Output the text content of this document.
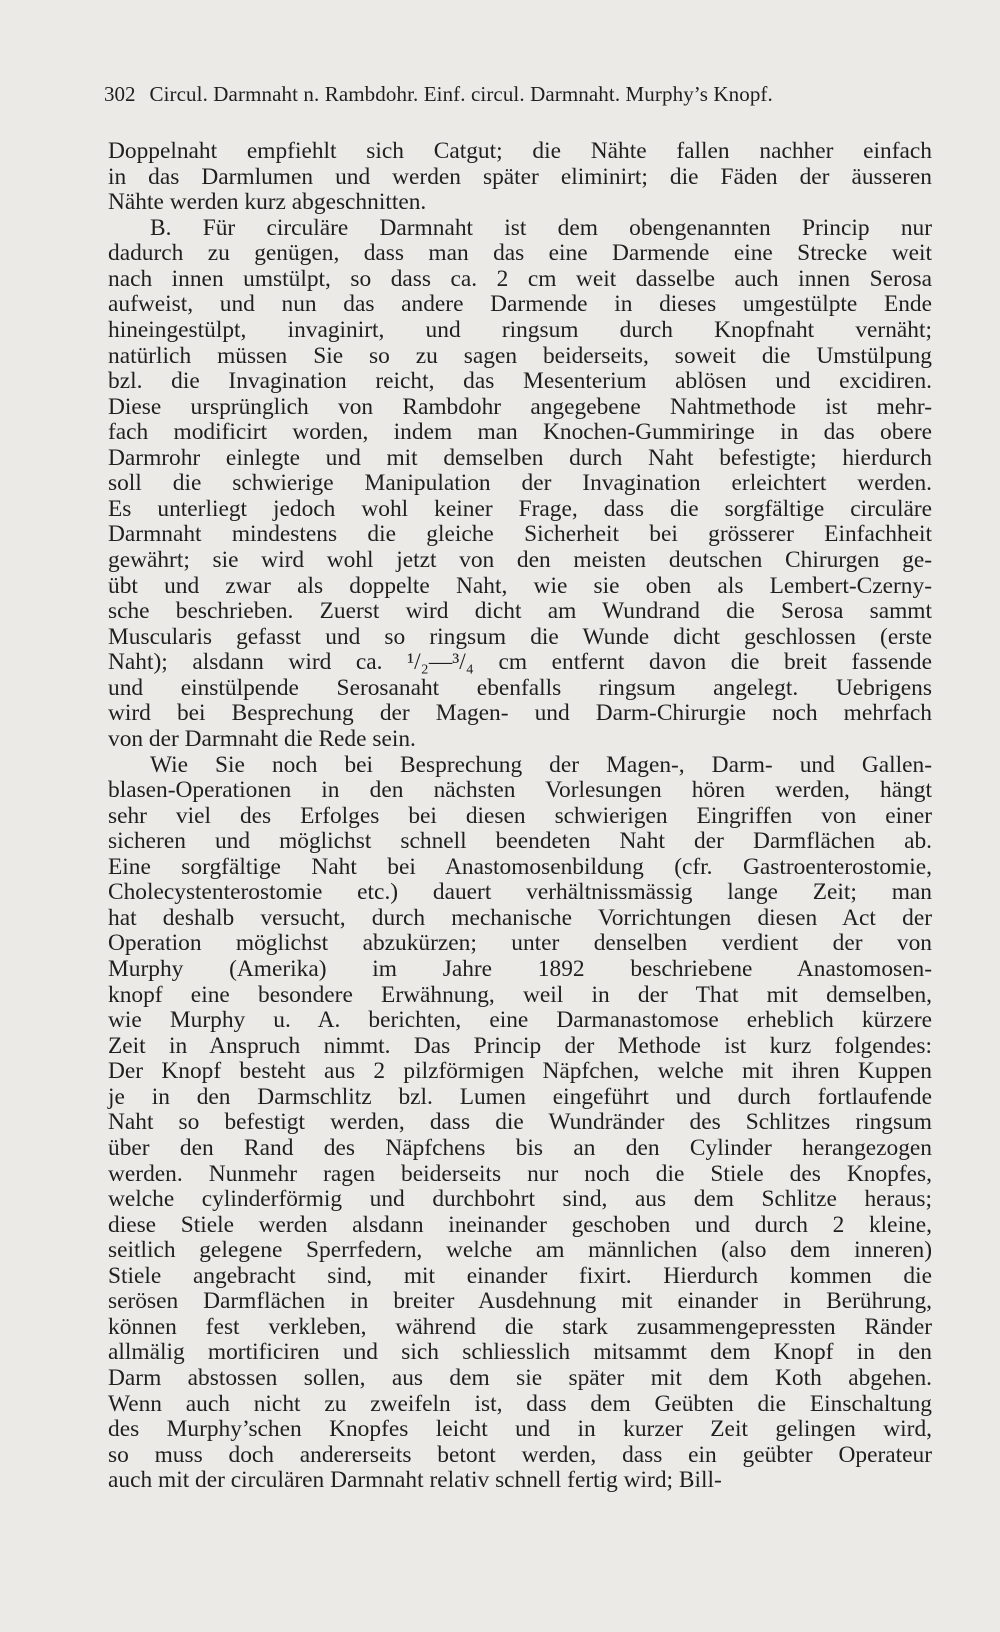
302 Circul. Darmnaht n. Rambdohr. Einf. circul. Darmnaht. Murphy’s Knopf.
Doppelnaht empfiehlt sich Catgut; die Nähte fallen nachher einfach
in das Darmlumen und werden später eliminirt; die Fäden der äusseren
Nähte werden kurz abgeschnitten.
B. Für circuläre Darmnaht ist dem obengenannten Princip nur
dadurch zu genügen, dass man das eine Darmende eine Strecke weit
nach innen umstülpt, so dass ca. 2 cm weit dasselbe auch innen Serosa
aufweist, und nun das andere Darmende in dieses umgestülpte Ende
hineingestülpt, invaginirt, und ringsum durch Knopfnaht vernäht;
natürlich müssen Sie so zu sagen beiderseits, soweit die Umstülpung
bzl. die Invagination reicht, das Mesenterium ablösen und excidiren.
Diese ursprünglich von Rambdohr angegebene Nahtmethode ist mehr-
fach modificirt worden, indem man Knochen-Gummiringe in das obere
Darmrohr einlegte und mit demselben durch Naht befestigte; hierdurch
soll die schwierige Manipulation der Invagination erleichtert werden.
Es unterliegt jedoch wohl keiner Frage, dass die sorgfältige circuläre
Darmnaht mindestens die gleiche Sicherheit bei grösserer Einfachheit
gewährt; sie wird wohl jetzt von den meisten deutschen Chirurgen ge-
übt und zwar als doppelte Naht, wie sie oben als Lembert-Czerny-
sche beschrieben. Zuerst wird dicht am Wundrand die Serosa sammt
Muscularis gefasst und so ringsum die Wunde dicht geschlossen (erste
Naht); alsdann wird ca. ¹/₂—³/₄ cm entfernt davon die breit fassende
und einstülpende Serosanaht ebenfalls ringsum angelegt. Uebrigens
wird bei Besprechung der Magen- und Darm-Chirurgie noch mehrfach
von der Darmnaht die Rede sein.
Wie Sie noch bei Besprechung der Magen-, Darm- und Gallen-
blasen-Operationen in den nächsten Vorlesungen hören werden, hängt
sehr viel des Erfolges bei diesen schwierigen Eingriffen von einer
sicheren und möglichst schnell beendeten Naht der Darmflächen ab.
Eine sorgfältige Naht bei Anastomosenbildung (cfr. Gastroenterostomie,
Cholecystenterostomie etc.) dauert verhältnissmässig lange Zeit; man
hat deshalb versucht, durch mechanische Vorrichtungen diesen Act der
Operation möglichst abzukürzen; unter denselben verdient der von
Murphy (Amerika) im Jahre 1892 beschriebene Anastomosen-
knopf eine besondere Erwähnung, weil in der That mit demselben,
wie Murphy u. A. berichten, eine Darmanastomose erheblich kürzere
Zeit in Anspruch nimmt. Das Princip der Methode ist kurz folgendes:
Der Knopf besteht aus 2 pilzförmigen Näpfchen, welche mit ihren Kuppen
je in den Darmschlitz bzl. Lumen eingeführt und durch fortlaufende
Naht so befestigt werden, dass die Wundränder des Schlitzes ringsum
über den Rand des Näpfchens bis an den Cylinder herangezogen
werden. Nunmehr ragen beiderseits nur noch die Stiele des Knopfes,
welche cylinderförmig und durchbohrt sind, aus dem Schlitze heraus;
diese Stiele werden alsdann ineinander geschoben und durch 2 kleine,
seitlich gelegene Sperrfedern, welche am männlichen (also dem inneren)
Stiele angebracht sind, mit einander fixirt. Hierdurch kommen die
serösen Darmflächen in breiter Ausdehnung mit einander in Berührung,
können fest verkleben, während die stark zusammengepressten Ränder
allmälig mortificiren und sich schliesslich mitsammt dem Knopf in den
Darm abstossen sollen, aus dem sie später mit dem Koth abgehen.
Wenn auch nicht zu zweifeln ist, dass dem Geübten die Einschaltung
des Murphy’schen Knopfes leicht und in kurzer Zeit gelingen wird,
so muss doch andererseits betont werden, dass ein geübter Operateur
auch mit der circulären Darmnaht relativ schnell fertig wird; Bill-
